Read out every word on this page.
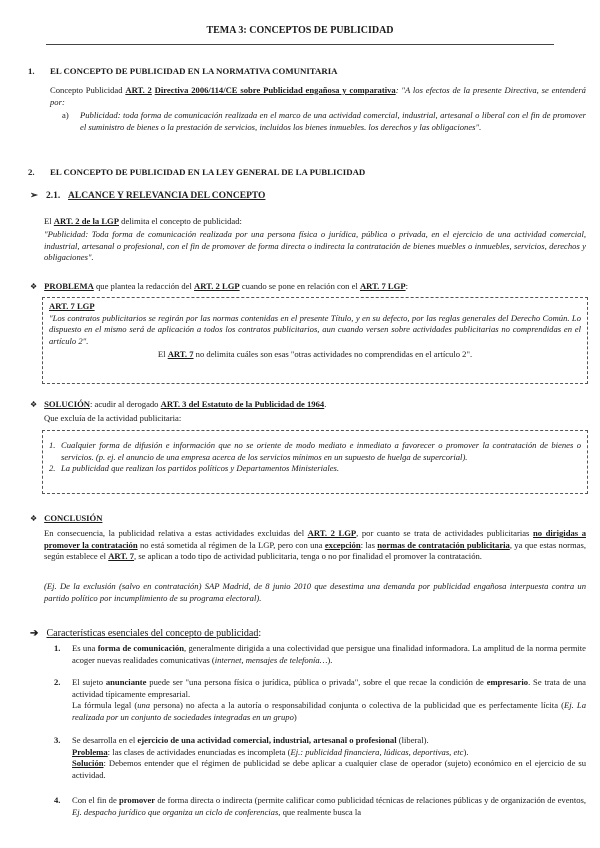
TEMA 3: CONCEPTOS DE PUBLICIDAD
1. EL CONCEPTO DE PUBLICIDAD EN LA NORMATIVA COMUNITARIA
Concepto Publicidad ART. 2 Directiva 2006/114/CE sobre Publicidad engañosa y comparativa: "A los efectos de la presente Directiva, se entenderá por:
a) Publicidad: toda forma de comunicación realizada en el marco de una actividad comercial, industrial, artesanal o liberal con el fin de promover el suministro de bienes o la prestación de servicios, incluidos los bienes inmuebles. los derechos y las obligaciones".
2. EL CONCEPTO DE PUBLICIDAD EN LA LEY GENERAL DE LA PUBLICIDAD
➢ 2.1. ALCANCE Y RELEVANCIA DEL CONCEPTO
El ART. 2 de la LGP delimita el concepto de publicidad:
"Publicidad: Toda forma de comunicación realizada por una persona física o jurídica, pública o privada, en el ejercicio de una actividad comercial, industrial, artesanal o profesional, con el fin de promover de forma directa o indirecta la contratación de bienes muebles o inmuebles, servicios, derechos y obligaciones".
❖ PROBLEMA que plantea la redacción del ART. 2 LGP cuando se pone en relación con el ART. 7 LGP:
ART. 7 LGP
"Los contratos publicitarios se regirán por las normas contenidas en el presente Título, y en su defecto, por las reglas generales del Derecho Común. Lo dispuesto en el mismo será de aplicación a todos los contratos publicitarios, aun cuando versen sobre actividades publicitarias no comprendidas en el artículo 2".
El ART. 7 no delimita cuáles son esas "otras actividades no comprendidas en el artículo 2".
❖ SOLUCIÓN: acudir al derogado ART. 3 del Estatuto de la Publicidad de 1964.
Que excluía de la actividad publicitaria:
1. Cualquier forma de difusión e información que no se oriente de modo mediato e inmediato a favorecer o promover la contratación de bienes o servicios. (p. ej. el anuncio de una empresa acerca de los servicios mínimos en un supuesto de huelga de supercorial).
2. La publicidad que realizan los partidos políticos y Departamentos Ministeriales.
❖ CONCLUSIÓN
En consecuencia, la publicidad relativa a estas actividades excluidas del ART. 2 LGP, por cuanto se trata de actividades publicitarias no dirigidas a promover la contratación no está sometida al régimen de la LGP, pero con una excepción: las normas de contratación publicitaria, ya que estas normas, según establece el ART. 7, se aplican a todo tipo de actividad publicitaria, tenga o no por finalidad el promover la contratación.
(Ej. De la exclusión (salvo en contratación) SAP Madrid, de 8 junio 2010 que desestima una demanda por publicidad engañosa interpuesta contra un partido político por incumplimiento de su programa electoral).
➔ Características esenciales del concepto de publicidad:
1.	Es una forma de comunicación, generalmente dirigida a una colectividad que persigue una finalidad informadora. La amplitud de la norma permite acoger nuevas realidades comunicativas (internet, mensajes de telefonía…).
2.	El sujeto anunciante puede ser "una persona física o jurídica, pública o privada", sobre el que recae la condición de empresario. Se trata de una actividad típicamente empresarial.
La fórmula legal (una persona) no afecta a la autoría o responsabilidad conjunta o colectiva de la publicidad que es perfectamente lícita (Ej. La realizada por un conjunto de sociedades integradas en un grupo)
3.	Se desarrolla en el ejercicio de una actividad comercial, industrial, artesanal o profesional (liberal).
Problema: las clases de actividades enunciadas es incompleta (Ej.: publicidad financiera, lúdicas, deportivas, etc).
Solución: Debemos entender que el régimen de publicidad se debe aplicar a cualquier clase de operador (sujeto) económico en el ejercicio de su actividad.
4.	Con el fin de promover de forma directa o indirecta (permite calificar como publicidad técnicas de relaciones públicas y de organización de eventos, Ej. despacho jurídico que organiza un ciclo de conferencias, que realmente busca la
